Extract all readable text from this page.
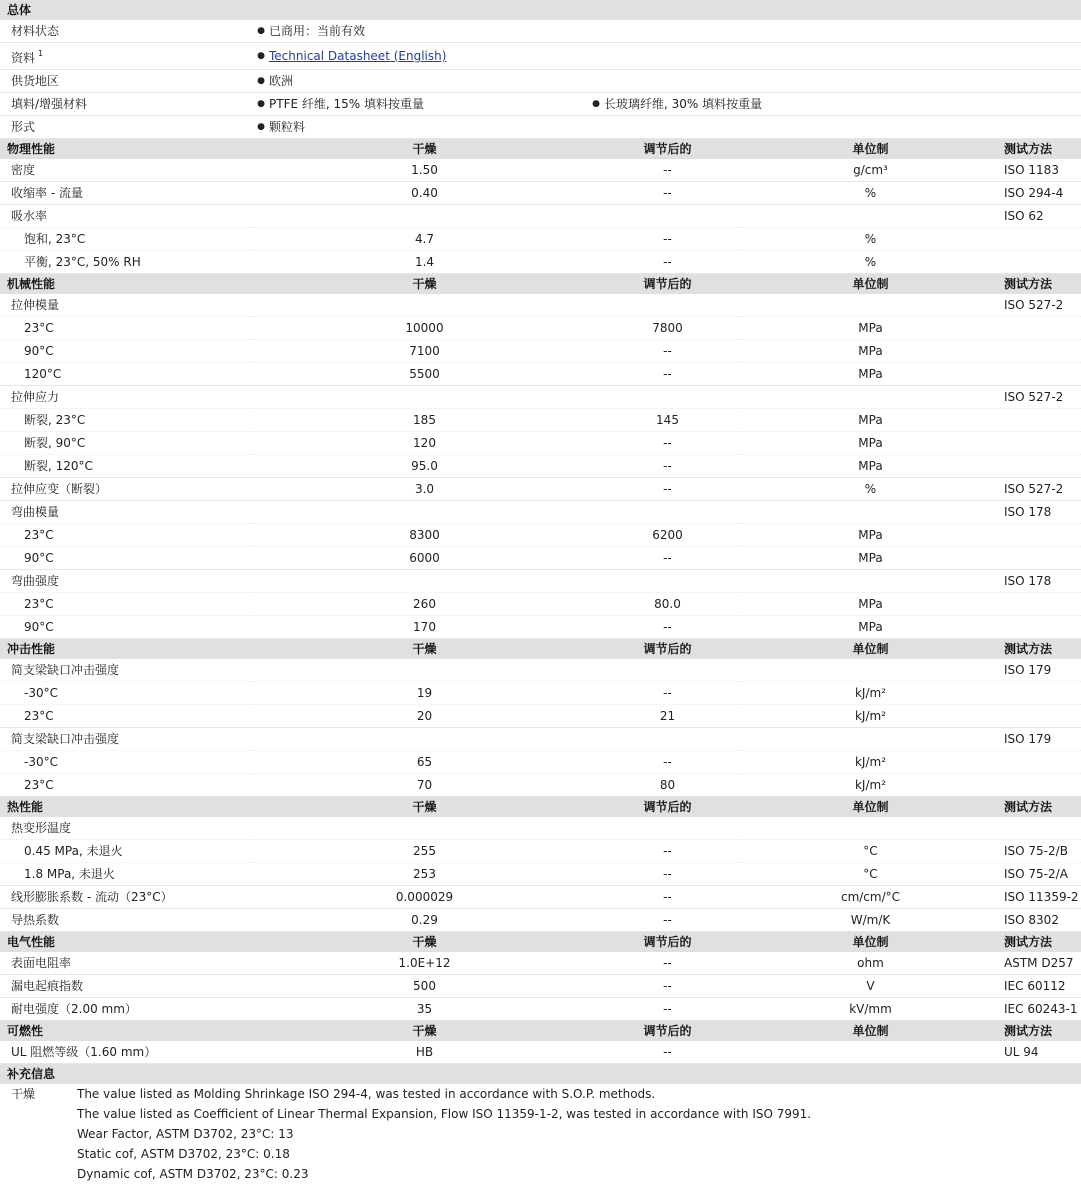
总体		
材料状态	● 已商用：当前有效	
资料 $^1$	● Technical Datasheet (English)	
供货地区	● 欧洲	
填料/增强材料	● PTFE 纤维, 15% 填料按重量	● 长玻璃纤维, 30% 填料按重量
形式	● 颗粒料	
物理性能	干燥	调节后的	单位制	测试方法
密度	1.50	--	g/cm³	ISO 1183
收缩率 - 流量	0.40	--	%	ISO 294-4
吸水率				ISO 62
饱和, 23°C	4.7	--	%	
平衡, 23°C, 50% RH	1.4	--	%	
机械性能	干燥	调节后的	单位制	测试方法
拉伸模量				ISO 527-2
23°C	10000	7800	MPa	
90°C	7100	--	MPa	
120°C	5500	--	MPa	
拉伸应力				ISO 527-2
断裂, 23°C	185	145	MPa	
断裂, 90°C	120	--	MPa	
断裂, 120°C	95.0	--	MPa	
拉伸应变（断裂）	3.0	--	%	ISO 527-2
弯曲模量				ISO 178
23°C	8300	6200	MPa	
90°C	6000	--	MPa	
弯曲强度				ISO 178
23°C	260	80.0	MPa	
90°C	170	--	MPa	
冲击性能	干燥	调节后的	单位制	测试方法
简支梁缺口冲击强度				ISO 179
-30°C	19	--	kJ/m²	
23°C	20	21	kJ/m²	
简支梁缺口冲击强度				ISO 179
-30°C	65	--	kJ/m²	
23°C	70	80	kJ/m²	
热性能	干燥	调节后的	单位制	测试方法
热变形温度				
0.45 MPa, 未退火	255	--	°C	ISO 75-2/B
1.8 MPa, 未退火	253	--	°C	ISO 75-2/A
线形膨胀系数 - 流动（23°C）	0.000029	--	cm/cm/°C	ISO 11359-2
导热系数	0.29	--	W/m/K	ISO 8302
电气性能	干燥	调节后的	单位制	测试方法
表面电阻率	1.0E+12	--	ohm	ASTM D257
漏电起痕指数	500	--	V	IEC 60112
耐电强度（2.00 mm）	35	--	kV/mm	IEC 60243-1
可燃性	干燥	调节后的	单位制	测试方法
UL 阻燃等级（1.60 mm）	HB	--		UL 94
补充信息
干燥	The value listed as Molding Shrinkage ISO 294-4, was tested in accordance with S.O.P. methods.
The value listed as Coefficient of Linear Thermal Expansion, Flow ISO 11359-1-2, was tested in accordance with ISO 7991.
Wear Factor, ASTM D3702, 23°C: 13
Static cof, ASTM D3702, 23°C: 0.18
Dynamic cof, ASTM D3702, 23°C: 0.23
